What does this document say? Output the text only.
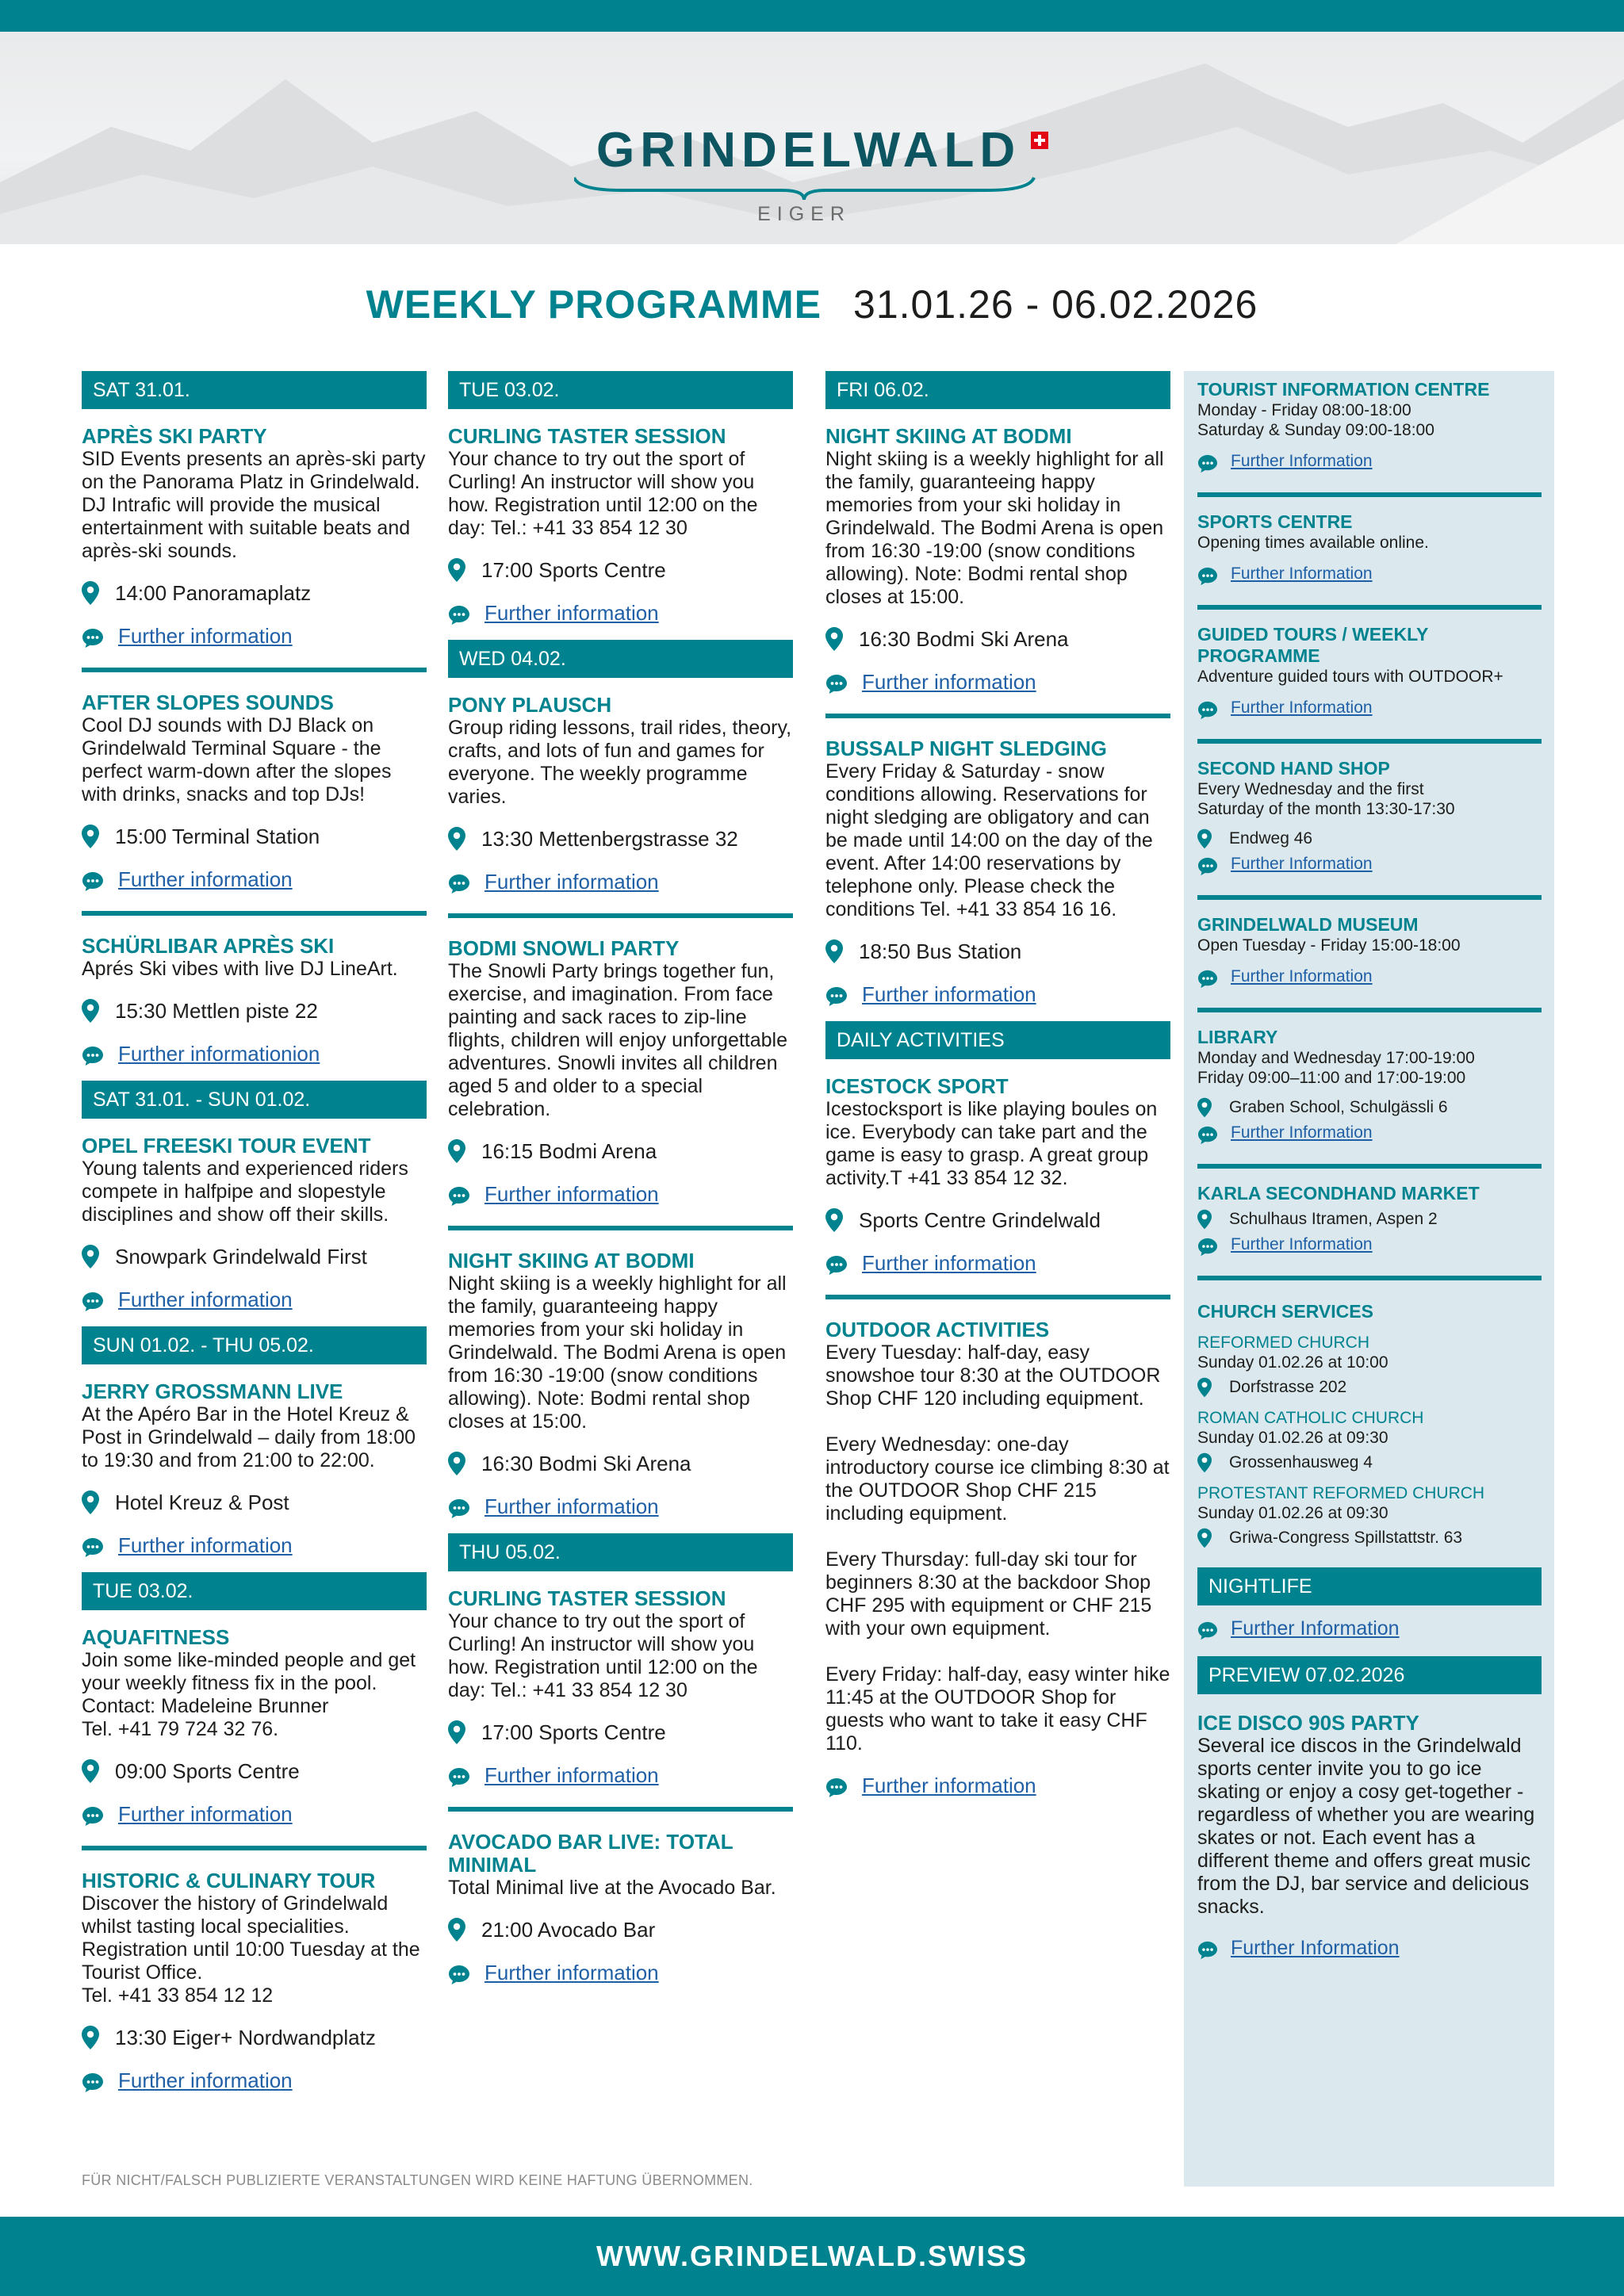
GRINDELWALD
EIGER
WEEKLY PROGRAMME 31.01.26 - 06.02.2026
SAT 31.01.
APRÈS SKI PARTY

SID Events presents an après-ski party on the Panorama Platz in Grindelwald. DJ Intrafic will provide the musical entertainment with suitable beats and après-ski sounds.

14:00 Panoramaplatz
Further information
AFTER SLOPES SOUNDS

Cool DJ sounds with DJ Black on Grindelwald Terminal Square - the perfect warm-down after the slopes with drinks, snacks and top DJs!

15:00 Terminal Station
Further information
SCHÜRLIBAR APRÈS SKI

Aprés Ski vibes with live DJ LineArt.

15:30 Mettlen piste 22
Further informationion
SAT 31.01. - SUN 01.02.
OPEL FREESKI TOUR EVENT

Young talents and experienced riders compete in halfpipe and slopestyle disciplines and show off their skills.

Snowpark Grindelwald First
Further information
SUN 01.02. - THU 05.02.
JERRY GROSSMANN LIVE

At the Apéro Bar in the Hotel Kreuz & Post in Grindelwald – daily from 18:00 to 19:30 and from 21:00 to 22:00.

Hotel Kreuz & Post
Further information
TUE 03.02.
AQUAFITNESS

Join some like-minded people and get your weekly fitness fix in the pool. Contact: Madeleine Brunner

Tel. +41 79 724 32 76.

09:00 Sports Centre
Further information
HISTORIC & CULINARY TOUR

Discover the history of Grindelwald whilst tasting local specialities. Registration until 10:00 Tuesday at the Tourist Office.

Tel. +41 33 854 12 12

13:30 Eiger+ Nordwandplatz
Further information
TUE 03.02.
CURLING TASTER SESSION

Your chance to try out the sport of Curling! An instructor will show you how. Registration until 12:00 on the day: Tel.: +41 33 854 12 30

17:00 Sports Centre
Further information
WED 04.02.
PONY PLAUSCH

Group riding lessons, trail rides, theory, crafts, and lots of fun and games for everyone. The weekly programme varies.

13:30 Mettenbergstrasse 32
Further information
BODMI SNOWLI PARTY

The Snowli Party brings together fun, exercise, and imagination. From face painting and sack races to zip-line flights, children will enjoy unforgettable adventures. Snowli invites all children aged 5 and older to a special celebration.

16:15 Bodmi Arena
Further information
NIGHT SKIING AT BODMI

Night skiing is a weekly highlight for all the family, guaranteeing happy memories from your ski holiday in Grindelwald. The Bodmi Arena is open from 16:30 -19:00 (snow conditions allowing). Note: Bodmi rental shop closes at 15:00.

16:30 Bodmi Ski Arena
Further information
THU 05.02.
CURLING TASTER SESSION

Your chance to try out the sport of Curling! An instructor will show you how. Registration until 12:00 on the day: Tel.: +41 33 854 12 30

17:00 Sports Centre
Further information
AVOCADO BAR LIVE: TOTAL MINIMAL

Total Minimal live at the Avocado Bar.

21:00 Avocado Bar
Further information
FRI 06.02.
NIGHT SKIING AT BODMI

Night skiing is a weekly highlight for all the family, guaranteeing happy memories from your ski holiday in Grindelwald. The Bodmi Arena is open from 16:30 -19:00 (snow conditions allowing). Note: Bodmi rental shop closes at 15:00.

16:30 Bodmi Ski Arena
Further information
BUSSALP NIGHT SLEDGING

Every Friday & Saturday - snow conditions allowing. Reservations for night sledging are obligatory and can be made until 14:00 on the day of the event. After 14:00 reservations by telephone only. Please check the conditions Tel. +41 33 854 16 16.

18:50 Bus Station
Further information
DAILY ACTIVITIES
ICESTOCK SPORT

Icestocksport is like playing boules on ice. Everybody can take part and the game is easy to grasp. A great group activity.T +41 33 854 12 32.

Sports Centre Grindelwald
Further information
OUTDOOR ACTIVITIES

Every Tuesday: half-day, easy snowshoe tour 8:30 at the OUTDOOR Shop CHF 120 including equipment.

Every Wednesday: one-day introductory course ice climbing 8:30 at the OUTDOOR Shop CHF 215 including equipment.

Every Thursday: full-day ski tour for beginners 8:30 at the backdoor Shop CHF 295 with equipment or CHF 215 with your own equipment.

Every Friday: half-day, easy winter hike 11:45 at the OUTDOOR Shop for guests who want to take it easy CHF 110.

Further information
TOURIST INFORMATION CENTRE
Monday - Friday 08:00-18:00
Saturday & Sunday 09:00-18:00
Further Information
SPORTS CENTRE
Opening times available online.
Further Information
GUIDED TOURS / WEEKLY PROGRAMME
Adventure guided tours with OUTDOOR+
Further Information
SECOND HAND SHOP
Every Wednesday and the first
Saturday of the month 13:30-17:30
Endweg 46
Further Information
GRINDELWALD MUSEUM
Open Tuesday - Friday 15:00-18:00
Further Information
LIBRARY
Monday and Wednesday 17:00-19:00
Friday 09:00–11:00 and 17:00-19:00
Graben School, Schulgässli 6
Further Information
KARLA SECONDHAND MARKET
Schulhaus Itramen, Aspen 2
Further Information
CHURCH SERVICES
REFORMED CHURCH
Sunday 01.02.26 at 10:00
Dorfstrasse 202
ROMAN CATHOLIC CHURCH
Sunday 01.02.26 at 09:30
Grossenhausweg 4
PROTESTANT REFORMED CHURCH
Sunday 01.02.26 at 09:30
Griwa-Congress Spillstattstr. 63
NIGHTLIFE
Further Information
PREVIEW 07.02.2026
ICE DISCO 90S PARTY

Several ice discos in the Grindelwald sports center invite you to go ice skating or enjoy a cosy get-together - regardless of whether you are wearing skates or not. Each event has a different theme and offers great music from the DJ, bar service and delicious snacks.

Further Information
FÜR NICHT/FALSCH PUBLIZIERTE VERANSTALTUNGEN WIRD KEINE HAFTUNG ÜBERNOMMEN.
WWW.GRINDELWALD.SWISS
